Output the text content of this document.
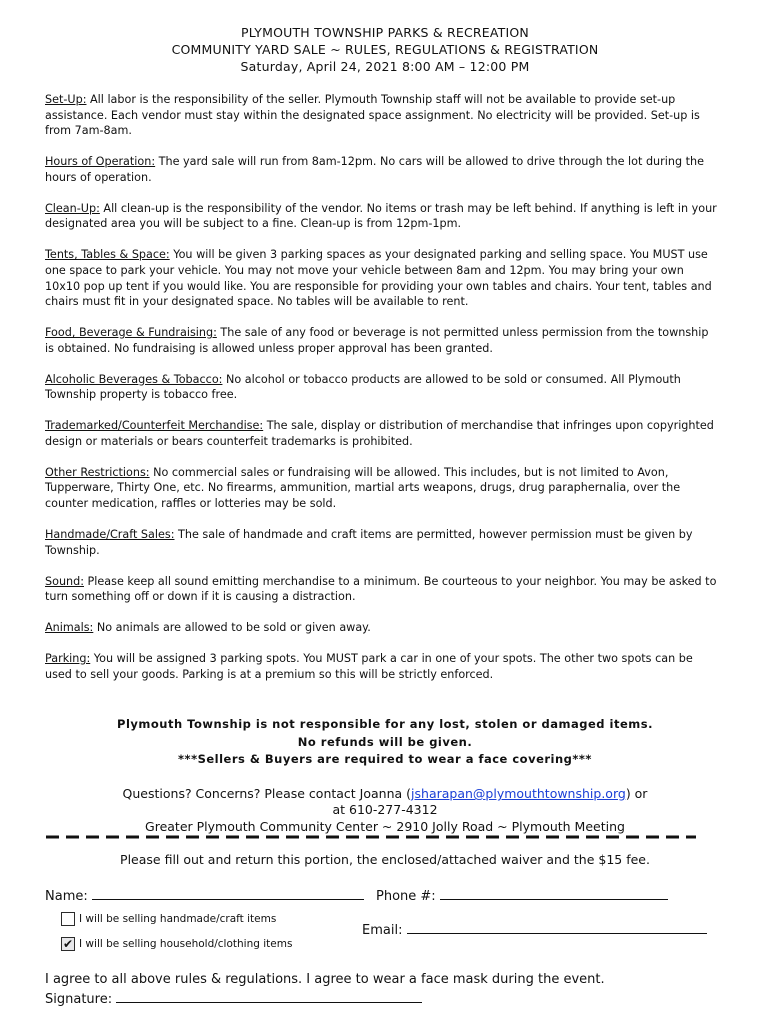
PLYMOUTH TOWNSHIP PARKS & RECREATION
COMMUNITY YARD SALE ~ RULES, REGULATIONS & REGISTRATION
Saturday, April 24, 2021 8:00 AM – 12:00 PM

Set-Up: All labor is the responsibility of the seller. Plymouth Township staff will not be available to provide set-up assistance. Each vendor must stay within the designated space assignment. No electricity will be provided. Set-up is from 7am-8am.

Hours of Operation: The yard sale will run from 8am-12pm. No cars will be allowed to drive through the lot during the hours of operation.

Clean-Up: All clean-up is the responsibility of the vendor. No items or trash may be left behind. If anything is left in your designated area you will be subject to a fine. Clean-up is from 12pm-1pm.

Tents, Tables & Space: You will be given 3 parking spaces as your designated parking and selling space. You MUST use one space to park your vehicle. You may not move your vehicle between 8am and 12pm. You may bring your own 10x10 pop up tent if you would like. You are responsible for providing your own tables and chairs. Your tent, tables and chairs must fit in your designated space. No tables will be available to rent.

Food, Beverage & Fundraising: The sale of any food or beverage is not permitted unless permission from the township is obtained. No fundraising is allowed unless proper approval has been granted.

Alcoholic Beverages & Tobacco: No alcohol or tobacco products are allowed to be sold or consumed. All Plymouth Township property is tobacco free.

Trademarked/Counterfeit Merchandise: The sale, display or distribution of merchandise that infringes upon copyrighted design or materials or bears counterfeit trademarks is prohibited.

Other Restrictions: No commercial sales or fundraising will be allowed. This includes, but is not limited to Avon, Tupperware, Thirty One, etc. No firearms, ammunition, martial arts weapons, drugs, drug paraphernalia, over the counter medication, raffles or lotteries may be sold.

Handmade/Craft Sales: The sale of handmade and craft items are permitted, however permission must be given by Township.

Sound: Please keep all sound emitting merchandise to a minimum. Be courteous to your neighbor. You may be asked to turn something off or down if it is causing a distraction.

Animals: No animals are allowed to be sold or given away.

Parking: You will be assigned 3 parking spots. You MUST park a car in one of your spots. The other two spots can be used to sell your goods. Parking is at a premium so this will be strictly enforced.

Plymouth Township is not responsible for any lost, stolen or damaged items.
No refunds will be given.
***Sellers & Buyers are required to wear a face covering***
Questions? Concerns? Please contact Joanna (jsharapan@plymouthtownship.org) or
at 610-277-4312
Greater Plymouth Community Center ~ 2910 Jolly Road ~ Plymouth Meeting
Please fill out and return this portion, the enclosed/attached waiver and the $15 fee.
Name:	Phone #:
I will be selling handmade/craft items
Email:
✔ I will be selling household/clothing items
I agree to all above rules & regulations. I agree to wear a face mask during the event.
Signature:
